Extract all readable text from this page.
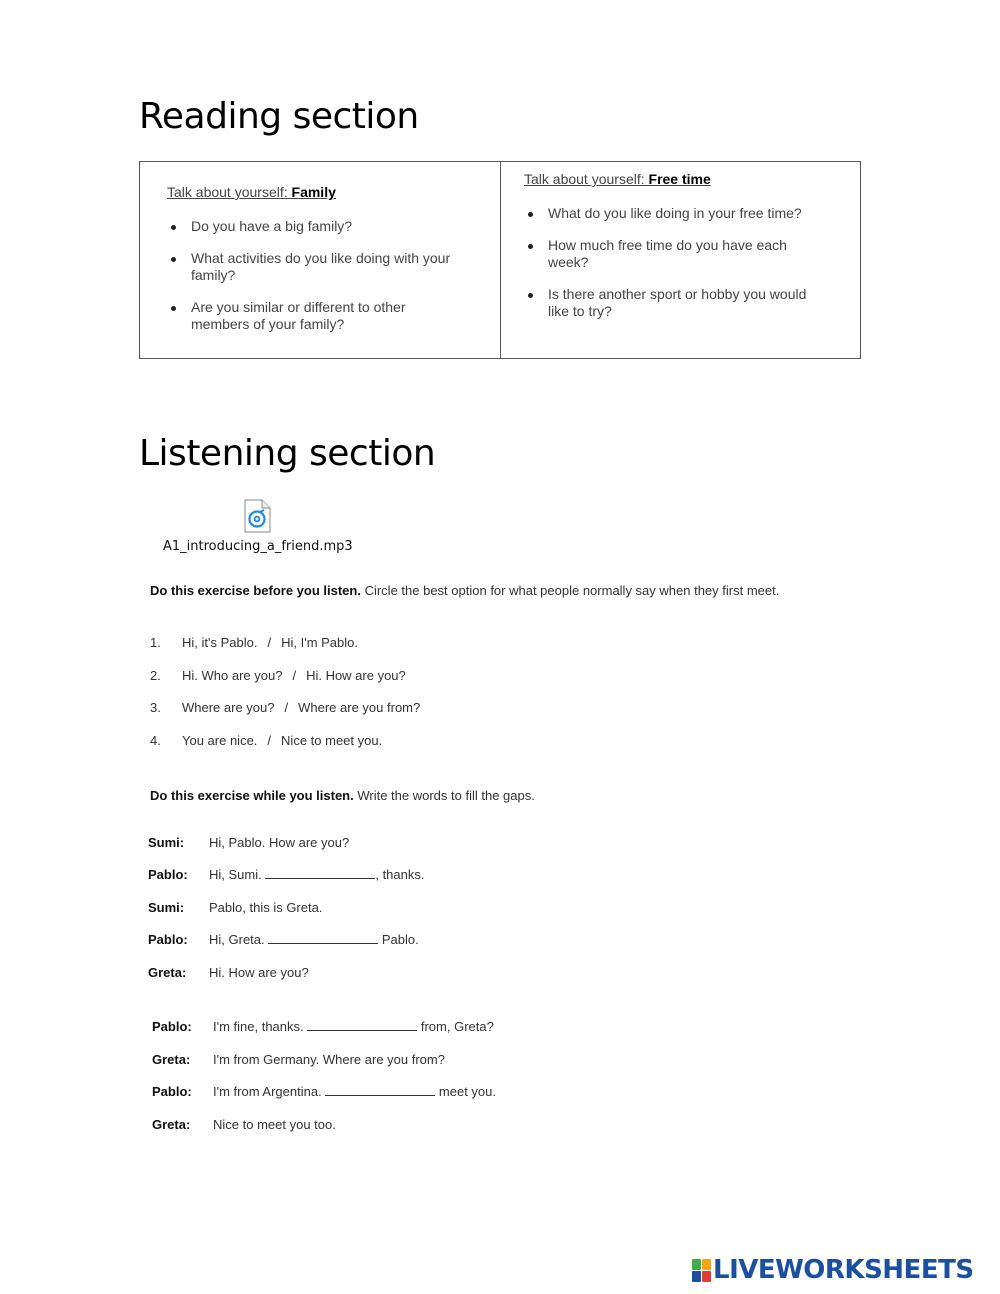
Reading section
Talk about yourself: Family
Do you have a big family?
What activities do you like doing with your family?
Are you similar or different to other members of your family?
Talk about yourself: Free time
What do you like doing in your free time?
How much free time do you have each week?
Is there another sport or hobby you would like to try?
Listening section
A1_introducing_a_friend.mp3

Do this exercise before you listen. Circle the best option for what people normally say when they first meet.

1. Hi, it's Pablo. / Hi, I'm Pablo.
2. Hi. Who are you? / Hi. How are you?
3. Where are you? / Where are you from?
4. You are nice. / Nice to meet you.

Do this exercise while you listen. Write the words to fill the gaps.

Sumi: Hi, Pablo. How are you?
Pablo: Hi, Sumi.	, thanks.
Sumi: Pablo, this is Greta.
Pablo: Hi, Greta.	Pablo.
Greta: Hi. How are you?
Pablo: I'm fine, thanks.	from, Greta?
Greta: I'm from Germany. Where are you from?
Pablo: I'm from Argentina.	meet you.
Greta: Nice to meet you too.
LIVEWORKSHEETS
